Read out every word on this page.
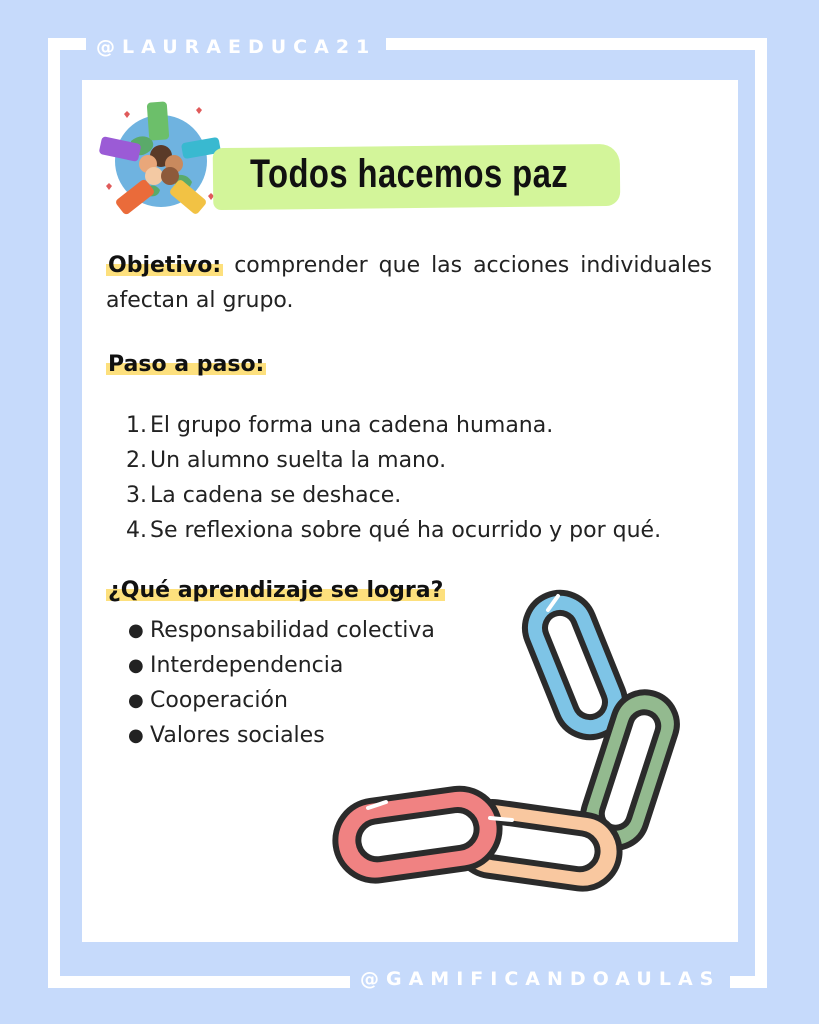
@LAURAEDUCA21
@GAMIFICANDOAULAS
Todos hacemos paz
Objetivo: comprender que las acciones individuales afectan al grupo.
Paso a paso:
1. El grupo forma una cadena humana.
2. Un alumno suelta la mano.
3. La cadena se deshace.
4. Se reflexiona sobre qué ha ocurrido y por qué.
¿Qué aprendizaje se logra?
● Responsabilidad colectiva
● Interdependencia
● Cooperación
● Valores sociales
